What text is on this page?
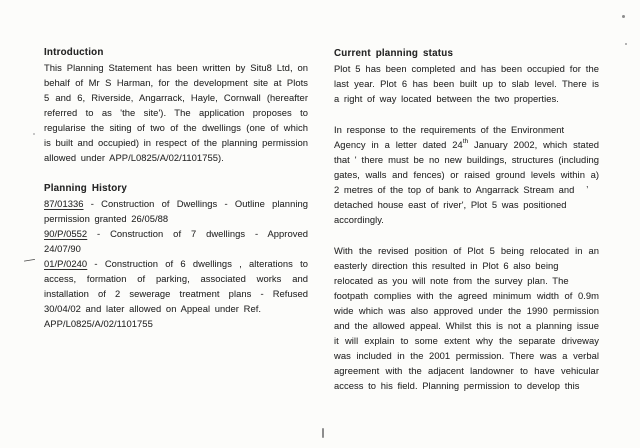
Introduction
This Planning Statement has been written by Situ8 Ltd, on
behalf of Mr S Harman, for the development site at Plots
5 and 6, Riverside, Angarrack, Hayle, Cornwall (hereafter
referred to as 'the site'). The application proposes to
regularise the siting of two of the dwellings (one of which
is built and occupied) in respect of the planning permission
allowed under APP/L0825/A/02/1101755).
Planning History
87/01336 - Construction of Dwellings - Outline planning
permission granted 26/05/88
90/P/0552 - Construction of 7 dwellings - Approved
24/07/90
01/P/0240 - Construction of 6 dwellings , alterations to
access, formation of parking, associated works and
installation of 2 sewerage treatment plans - Refused
30/04/02 and later allowed on Appeal under Ref.
APP/L0825/A/02/1101755
Current planning status
Plot 5 has been completed and has been occupied for the
last year. Plot 6 has been built up to slab level. There is
a right of way located between the two properties.
In response to the requirements of the Environment
Agency in a letter dated 24th January 2002, which stated
that ' there must be no new buildings, structures (including
gates, walls and fences) or raised ground levels within a)
2 metres of the top of bank to Angarrack Stream and
detached house east of river', Plot 5 was positioned
accordingly.
With the revised position of Plot 5 being relocated in an
easterly direction this resulted in Plot 6 also being
relocated as you will note from the survey plan. The
footpath complies with the agreed minimum width of 0.9m
wide which was also approved under the 1990 permission
and the allowed appeal. Whilst this is not a planning issue
it will explain to some extent why the separate driveway
was included in the 2001 permission. There was a verbal
agreement with the adjacent landowner to have vehicular
access to his field. Planning permission to develop this
—
,
